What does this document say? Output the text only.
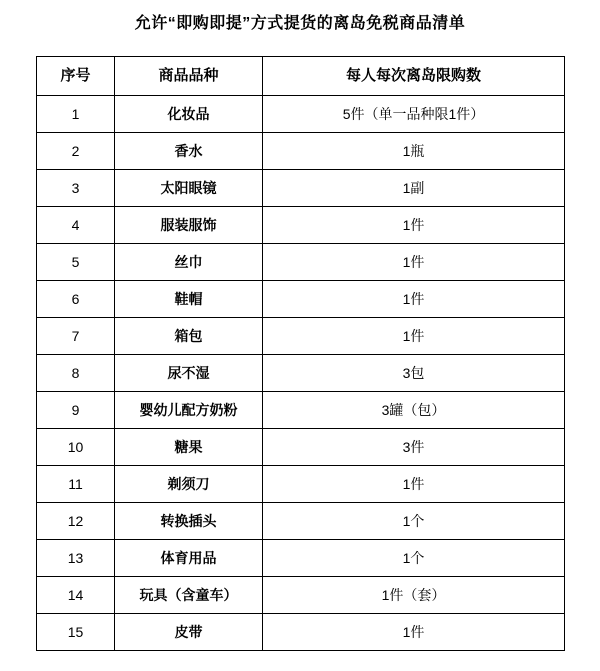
允许“即购即提”方式提货的离岛免税商品清单
序号	商品品种	每人每次离岛限购数
1	化妆品	5件（单一品种限1件）
2	香水	1瓶
3	太阳眼镜	1副
4	服装服饰	1件
5	丝巾	1件
6	鞋帽	1件
7	箱包	1件
8	尿不湿	3包
9	婴幼儿配方奶粉	3罐（包）
10	糖果	3件
11	剃须刀	1件
12	转换插头	1个
13	体育用品	1个
14	玩具（含童车）	1件（套）
15	皮带	1件
